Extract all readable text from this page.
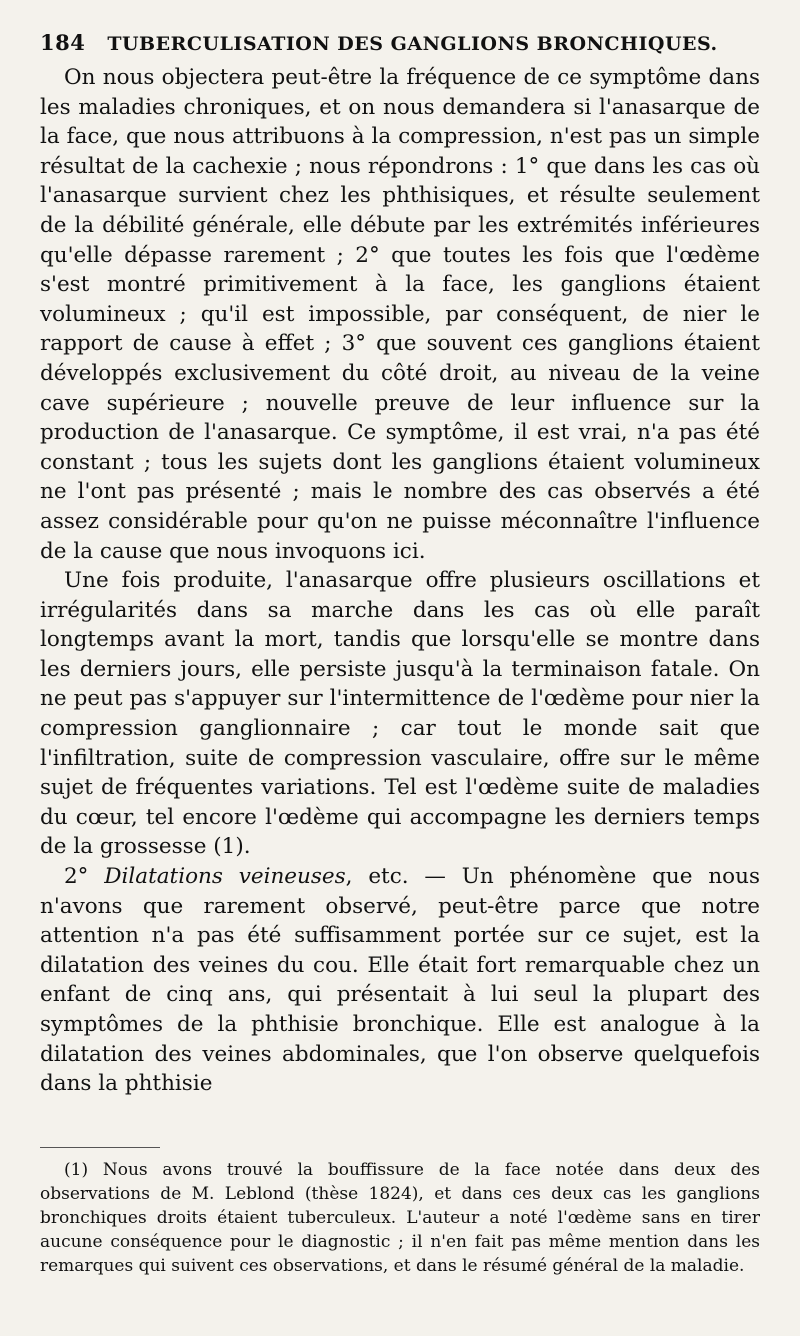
184 TUBERCULISATION DES GANGLIONS BRONCHIQUES.

On nous objectera peut-être la fréquence de ce symptôme dans les maladies chroniques, et on nous demandera si l'anasarque de la face, que nous attribuons à la compression, n'est pas un simple résultat de la cachexie ; nous répondrons : 1° que dans les cas où l'anasarque survient chez les phthisiques, et résulte seulement de la débilité générale, elle débute par les extrémités inférieures qu'elle dépasse rarement ; 2° que toutes les fois que l'œdème s'est montré primitivement à la face, les ganglions étaient volumineux ; qu'il est impossible, par conséquent, de nier le rapport de cause à effet ; 3° que souvent ces ganglions étaient développés exclusivement du côté droit, au niveau de la veine cave supérieure ; nouvelle preuve de leur influence sur la production de l'anasarque. Ce symptôme, il est vrai, n'a pas été constant ; tous les sujets dont les ganglions étaient volumineux ne l'ont pas présenté ; mais le nombre des cas observés a été assez considérable pour qu'on ne puisse méconnaître l'influence de la cause que nous invoquons ici.

Une fois produite, l'anasarque offre plusieurs oscillations et irrégularités dans sa marche dans les cas où elle paraît longtemps avant la mort, tandis que lorsqu'elle se montre dans les derniers jours, elle persiste jusqu'à la terminaison fatale. On ne peut pas s'appuyer sur l'intermittence de l'œdème pour nier la compression ganglionnaire ; car tout le monde sait que l'infiltration, suite de compression vasculaire, offre sur le même sujet de fréquentes variations. Tel est l'œdème suite de maladies du cœur, tel encore l'œdème qui accompagne les derniers temps de la grossesse (1).

2° Dilatations veineuses, etc. — Un phénomène que nous n'avons que rarement observé, peut-être parce que notre attention n'a pas été suffisamment portée sur ce sujet, est la dilatation des veines du cou. Elle était fort remarquable chez un enfant de cinq ans, qui présentait à lui seul la plupart des symptômes de la phthisie bronchique. Elle est analogue à la dilatation des veines abdominales, que l'on observe quelquefois dans la phthisie

(1) Nous avons trouvé la bouffissure de la face notée dans deux des observations de M. Leblond (thèse 1824), et dans ces deux cas les ganglions bronchiques droits étaient tuberculeux. L'auteur a noté l'œdème sans en tirer aucune conséquence pour le diagnostic ; il n'en fait pas même mention dans les remarques qui suivent ces observations, et dans le résumé général de la maladie.
